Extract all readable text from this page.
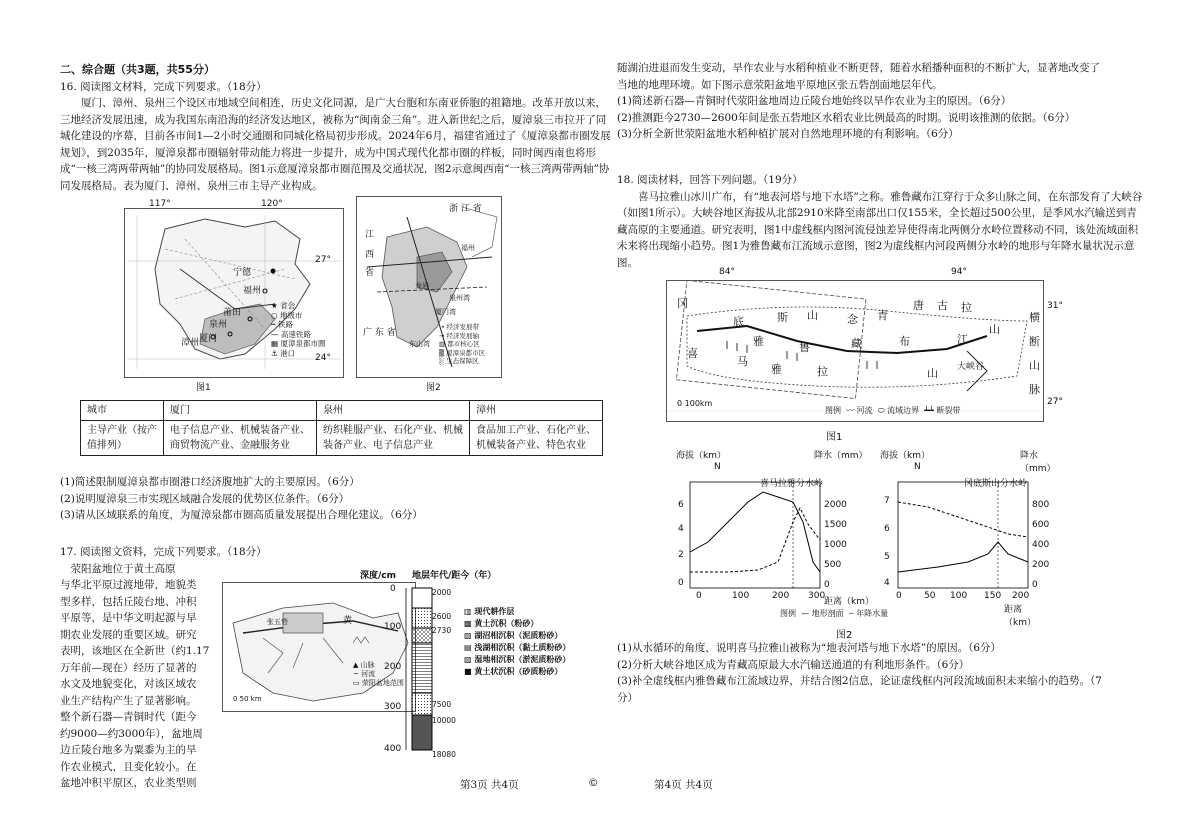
二、综合题（共3题，共55分）

16. 阅读图文材料，完成下列要求。（18分）

厦门、漳州、泉州三个设区市地域空间相连，历史文化同源，是广大台胞和东南亚侨胞的祖籍地。改革开放以来，三地经济发展迅速，成为我国东南沿海的经济发达地区，被称为“闽南金三角”。进入新世纪之后，厦漳泉三市拉开了同城化建设的序幕，目前各市间1—2小时交通圈和同城化格局初步形成。2024年6月，福建省通过了《厦漳泉都市圈发展规划》，到2035年，厦漳泉都市圈辐射带动能力将进一步提升，成为中国式现代化都市圈的样板，同时闽西南也将形成“一核三湾两带两轴”的协同发展格局。图1示意厦漳泉都市圈范围及交通状况，图2示意闽西南“一核三湾两带两轴”协同发展格局。表为厦门、漳州、泉州三市主导产业构成。

117°	120°
27°
24°
宁德
福州
莆田
泉州
厦门
漳州
★ 省会
○ 地级市
┅ 铁路
— 高速铁路
▦ 厦漳泉都市圈
⚓ 港口
图1
江
西
省
浙 江 省
广 东 省
福州
龙岩
泉州湾
厦门湾
东山湾
⇢ 经济发展带
→ 经济发展轴
▥ 都市核心区
▒ 厦漳泉都市区
░ 生态保障区
图2
城市	厦门	泉州	漳州
主导产业（按产值排列）	电子信息产业、机械装备产业、商贸物流产业、金融服务业	纺织鞋服产业、石化产业、机械装备产业、电子信息产业	食品加工产业、石化产业、机械装备产业、特色农业

(1)简述限制厦漳泉都市圈港口经济腹地扩大的主要原因。（6分）

(2)说明厦漳泉三市实现区域融合发展的优势区位条件。（6分）

(3)请从区域联系的角度，为厦漳泉都市圈高质量发展提出合理化建议。（6分）

17. 阅读图文资料，完成下列要求。（18分）

荥阳盆地位于黄土高原

与华北平原过渡地带，地貌类

型多样，包括丘陵台地、冲积

平原等，是中华文明起源与早

期农业发展的重要区域。研究

表明，该地区在全新世（约1.17

万年前—现在）经历了显著的

水文及地貌变化，对该区域农

业生产结构产生了显著影响。

整个新石器—青铜时代（距今

约9000—约3000年），盆地周

边丘陵台地多为粟黍为主的旱

作农业模式，且变化较小。在

盆地冲积平原区，农业类型则

黄
张五砦
▲ 山脉
~ 河流
▭ 荥阳盆地范围
0 50 km
深度/cm 地层年代/距今（年）
0
100
200
300
400
2000
2600
2730
7500
10000
18080
▥ 现代耕作层
▩ 黄土沉积（粉砂）
▧ 湖沼相沉积（泥质粉砂）
▤ 浅湖相沉积（黏土质粉砂）
▨ 湿地相沉积（淤泥质粉砂）
■ 黄土状沉积（砂质粉砂）

随湖泊进退而发生变动，旱作农业与水稻种植业不断更替，随着水稻播种面积的不断扩大，显著地改变了

当地的地理环境。如下图示意荥阳盆地平原地区张五砦剖面地层年代。

(1)简述新石器—青铜时代荥阳盆地周边丘陵台地始终以旱作农业为主的原因。（6分）

(2)推测距今2730—2600年间是张五砦地区水稻农业比例最高的时期。说明该推测的依据。（6分）

(3)分析全新世荥阳盆地水稻种植扩展对自然地理环境的有利影响。（6分）

18. 阅读材料，回答下列问题。（19分）

喜马拉雅山冰川广布，有“地表河塔与地下水塔”之称。雅鲁藏布江穿行于众多山脉之间，在东部发育了大峡谷（如图1所示）。大峡谷地区海拔从北部2910米降至南部出口仅155米，全长超过500公里，是季风水汽输送到青藏高原的主要通道。研究表明，图1中虚线框内图河流侵蚀差异使得南北两侧分水岭位置移动不同，该处流域面积未来将出现缩小趋势。图1为雅鲁藏布江流域示意图，图2为虚线框内河段两侧分水岭的地形与年降水量状况示意图。

84°	94°
31°
27°
冈
底	斯 山	念 青
唐 古 拉
山
江
喜
马
雅	鲁	藏	布
拉
雅	山 大峡谷
横
断
山
脉
0 100km
图例  〰 河流  ⬭ 流域边界  ┷┷ 断裂带
图1
海拔（km）
N
降水（mm）
喜马拉雅分水岭
6
4
2
0
2000
1500
1000
500
0
0	100	200 300
距离（km）
海拔（km）
N
降水（mm）
冈底斯山分水岭
7
6
5
4
800
600
400
200
0
0 50 100 150 200
距离（km）
图例  — 地形剖面  ┄ 年降水量
图2

(1)从水循环的角度，说明喜马拉雅山被称为“地表河塔与地下水塔”的原因。（6分）

(2)分析大峡谷地区成为青藏高原最大水汽输送通道的有利地形条件。（6分）

(3)补全虚线框内雅鲁藏布江流域边界，并结合图2信息，论证虚线框内河段流域面积未来缩小的趋势。（7

分）

第3页 共4页	©	第4页 共4页
